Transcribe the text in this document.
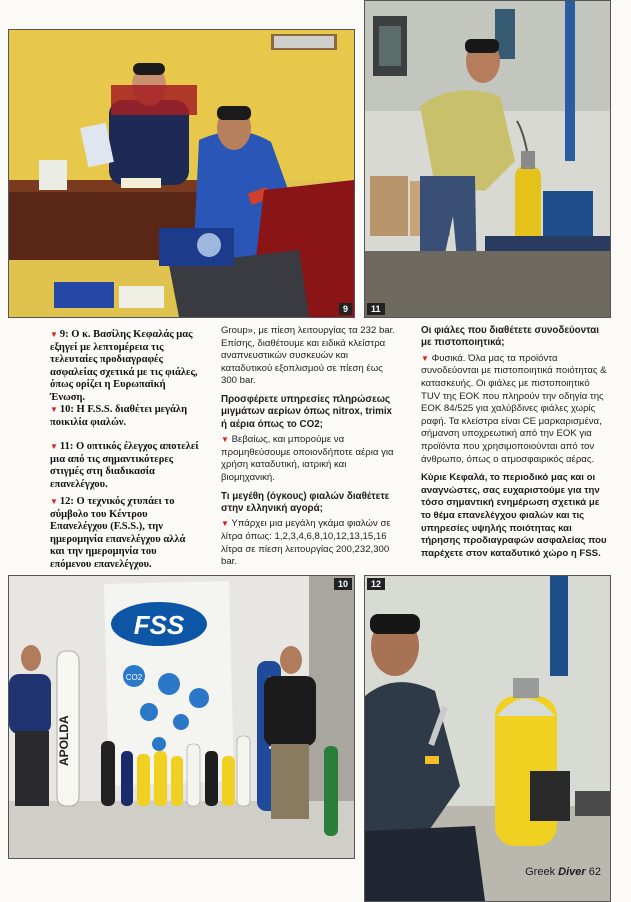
9	11
FSS
CO2
APOLDA
10	12
▼ 9: Ο κ. Βασίλης Κεφαλάς μας εξηγεί με λεπτομέρεια τις τελευταίες προδιαγραφές ασφαλείας σχετικά με τις φιάλες, όπως ορίζει η Ευρωπαϊκή Ένωση.
▼ 10: Η F.S.S. διαθέτει μεγάλη ποικιλία φιαλών.
▼ 11: Ο οπτικός έλεγχος αποτελεί μια από τις σημαντικότερες στιγμές στη διαδικασία επανελέγχου.
▼ 12: Ο τεχνικός χτυπάει το σύμβολο του Κέντρου Επανελέγχου (F.S.S.), την ημερομηνία επανελέγχου αλλά και την ημερομηνία του επόμενου επανελέγχου.

Group», με πίεση λειτουργίας τα 232 bar. Επίσης, διαθέτουμε και ειδικά κλείστρα αναπνευστικών συσκευών και καταδυτικού εξοπλισμού σε πίεση έως 300 bar.

Προσφέρετε υπηρεσίες πληρώσεως μιγμάτων αερίων όπως nitrox, trimix ή αέρια όπως το CO2;

▼ Βεβαίως, και μπορούμε να προμηθεύσουμε οποιονδήποτε αέρια για χρήση καταδυτική, ιατρική και βιομηχανική.

Τι μεγέθη (όγκους) φιαλών διαθέτετε στην ελληνική αγορά;

▼ Υπάρχει μια μεγάλη γκάμα φιαλών σε λίτρα όπως: 1,2,3,4,6,8,10,12,13,15,16 λίτρα σε πίεση λειτουργίας 200,232,300 bar.

Οι φιάλες που διαθέτετε συνοδεύονται με πιστοποιητικά;

▼ Φυσικά. Όλα μας τα προϊόντα συνοδεύονται με πιστοποιητικά ποιότητας & κατασκευής. Οι φιάλες με πιστοποιητικό TUV της ΕΟΚ που πληρούν την οδηγία της ΕΟΚ 84/525 για χαλύβδινες φιάλες χωρίς ραφή. Τα κλείστρα είναι CE μαρκαρισμένα, σήμανση υποχρεωτική από την ΕΟΚ για προϊόντα που χρησιμοποιούνται από τον άνθρωπο, όπως ο ατμοσφαιρικός αέρας.

Κύριε Κεφαλά, το περιοδικό μας και οι αναγνώστες, σας ευχαριστούμε για την τόσο σημαντική ενημέρωση σχετικά με το θέμα επανελέγχου φιαλών και τις υπηρεσίες υψηλής ποιότητας και τήρησης προδιαγραφών ασφαλείας που παρέχετε στον καταδυτικό χώρο η FSS.

Greek Diver 62
